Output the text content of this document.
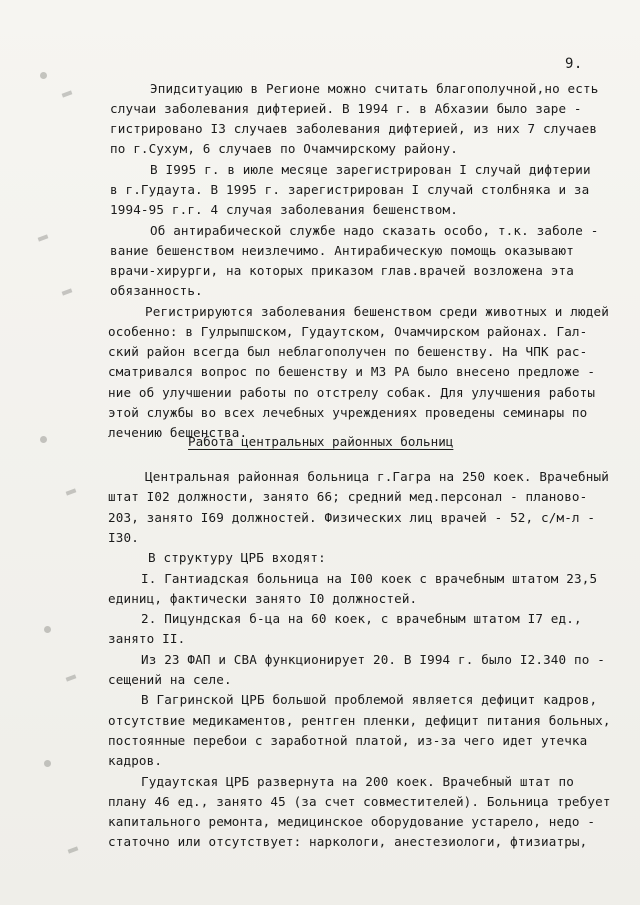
9.
Эпидситуацию в Регионе можно считать благополучной,но есть
случаи заболевания дифтерией. В 1994 г. в Абхазии было заре -
гистрировано I3 случаев заболевания дифтерией, из них 7 случаев
по г.Сухум, 6 случаев по Очамчирскому району.
В I995 г. в июле месяце зарегистрирован I случай дифтерии
в г.Гудаута. В 1995 г. зарегистрирован I случай столбняка и за
1994-95 г.г. 4 случая заболевания бешенством.
Об антирабической службе надо сказать особо, т.к. заболе -
вание бешенством неизлечимо. Антирабическую помощь оказывают
врачи-хирурги, на которых приказом глав.врачей возложена эта
обязанность.
Регистрируются заболевания бешенством среди животных и людей
особенно: в Гулрыпшском, Гудаутском, Очамчирском районах. Гал-
ский район всегда был неблагополучен по бешенству. На ЧПК рас-
сматривался вопрос по бешенству и МЗ РА было внесено предложе -
ние об улучшении работы по отстрелу собак. Для улучшения работы
этой службы во всех лечебных учреждениях проведены семинары по
лечению бешенства.
Работа центральных районных больниц
Центральная районная больница г.Гагра на 250 коек. Врачебный
штат I02 должности, занято 66; средний мед.персонал - планово-
203, занято I69 должностей. Физических лиц врачей - 52, с/м-л -
I30.
В структуру ЦРБ входят:
I. Гантиадская больница на I00 коек с врачебным штатом 23,5
единиц, фактически занято I0 должностей.
2. Пицундская б-ца на 60 коек, с врачебным штатом I7 ед.,
занято II.
Из 23 ФАП и СВА функционирует 20. В I994 г. было I2.340 по -
сещений на селе.
В Гагринской ЦРБ большой проблемой является дефицит кадров,
отсутствие медикаментов, рентген пленки, дефицит питания больных,
постоянные перебои с заработной платой, из-за чего идет утечка
кадров.
Гудаутская ЦРБ развернута на 200 коек. Врачебный штат по
плану 46 ед., занято 45 (за счет совместителей). Больница требует
капитального ремонта, медицинское оборудование устарело, недо -
статочно или отсутствует: наркологи, анестезиологи, фтизиатры,
